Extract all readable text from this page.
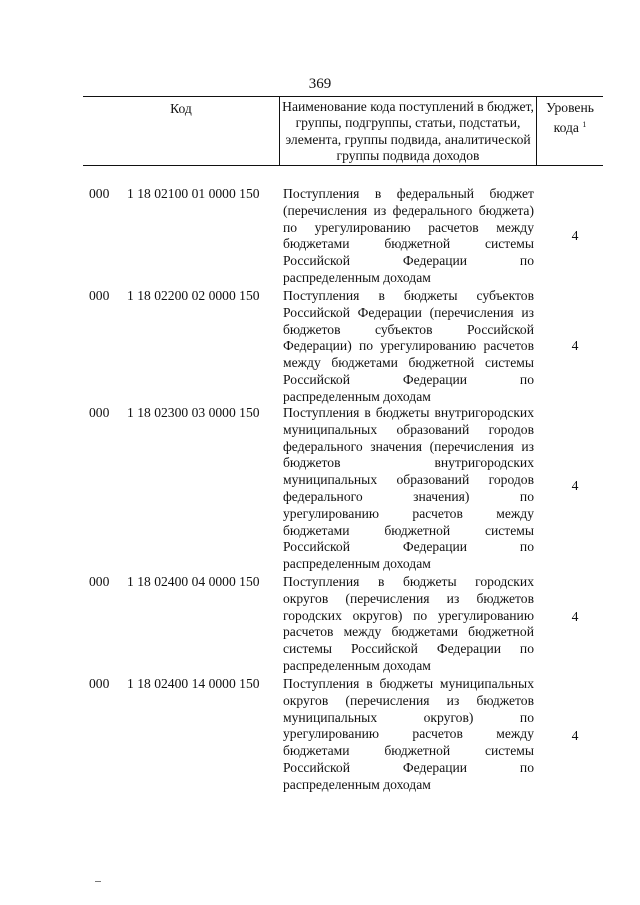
369
Код	Наименование кода поступлений в бюджет, группы, подгруппы, статьи, подстатьи, элемента, группы подвида, аналитической группы подвида доходов
Уровень
кода $^1$
000 1 18 02100 01 0000 150 Поступления в федеральный бюджет (перечисления из федерального бюджета) по урегулированию расчетов между бюджетами бюджетной системы Российской Федерации по
распределенным доходам
4
000 1 18 02200 02 0000 150 Поступления в бюджеты субъектов Российской Федерации (перечисления из бюджетов субъектов Российской Федерации) по урегулированию расчетов между бюджетами бюджетной системы Российской Федерации по
распределенным доходам
4
000 1 18 02300 03 0000 150 Поступления в бюджеты внутригородских муниципальных образований городов федерального значения (перечисления из бюджетов внутригородских муниципальных образований городов федерального значения) по урегулированию расчетов между бюджетами бюджетной системы Российской Федерации по
распределенным доходам
4
000 1 18 02400 04 0000 150 Поступления в бюджеты городских округов (перечисления из бюджетов городских округов) по урегулированию расчетов между бюджетами бюджетной системы Российской Федерации по
распределенным доходам
4
000 1 18 02400 14 0000 150 Поступления в бюджеты муниципальных округов (перечисления из бюджетов муниципальных округов) по урегулированию расчетов между бюджетами бюджетной системы Российской Федерации по
распределенным доходам
4
